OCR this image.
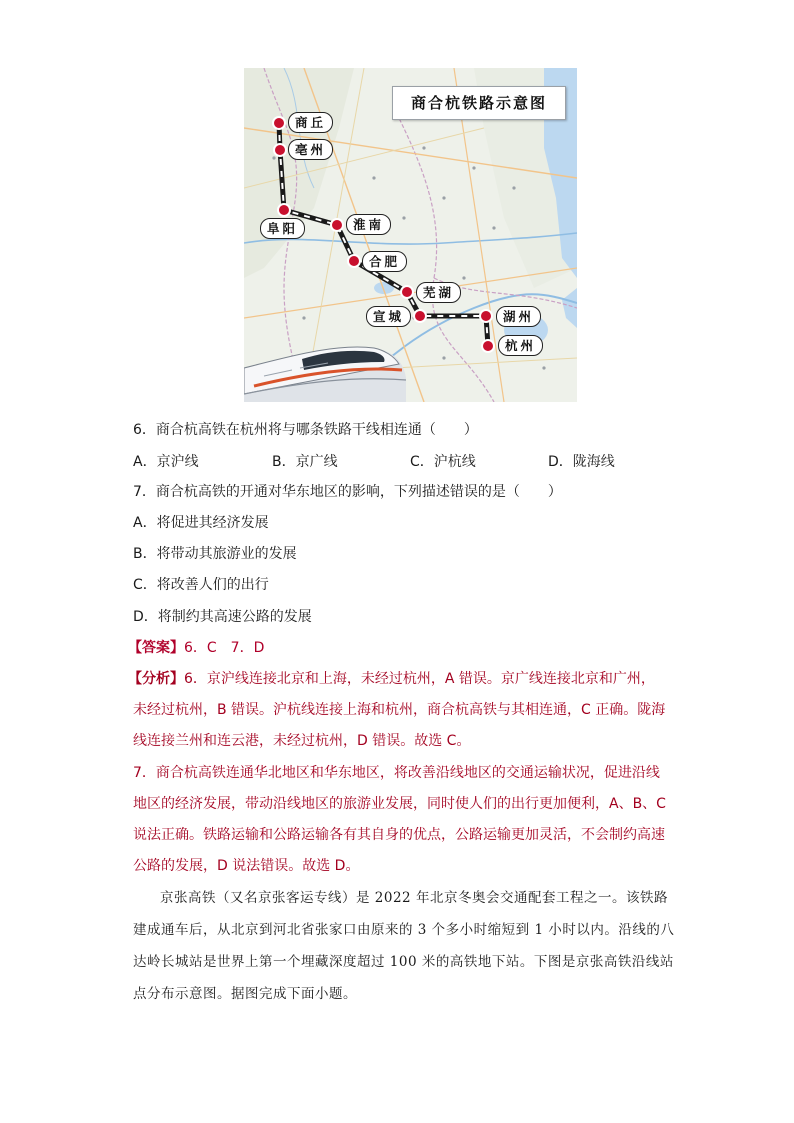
商合杭铁路示意图
商丘
亳州
阜阳	淮南
合肥
芜湖
宣城	湖州
杭州
6．商合杭高铁在杭州将与哪条铁路干线相连通（　　）
A．京沪线	B．京广线	C．沪杭线	D．陇海线
7．商合杭高铁的开通对华东地区的影响，下列描述错误的是（　　）
A．将促进其经济发展
B．将带动其旅游业的发展
C．将改善人们的出行
D．将制约其高速公路的发展
【答案】6．C　7．D
【分析】6．京沪线连接北京和上海，未经过杭州，A 错误。京广线连接北京和广州，
未经过杭州，B 错误。沪杭线连接上海和杭州，商合杭高铁与其相连通，C 正确。陇海
线连接兰州和连云港，未经过杭州，D 错误。故选 C。
7．商合杭高铁连通华北地区和华东地区，将改善沿线地区的交通运输状况，促进沿线
地区的经济发展，带动沿线地区的旅游业发展，同时使人们的出行更加便利，A、B、C
说法正确。铁路运输和公路运输各有其自身的优点，公路运输更加灵活，不会制约高速
公路的发展，D 说法错误。故选 D。
京张高铁（又名京张客运专线）是 2022 年北京冬奥会交通配套工程之一。该铁路
建成通车后，从北京到河北省张家口由原来的 3 个多小时缩短到 1 小时以内。沿线的八
达岭长城站是世界上第一个埋藏深度超过 100 米的高铁地下站。下图是京张高铁沿线站
点分布示意图。据图完成下面小题。
